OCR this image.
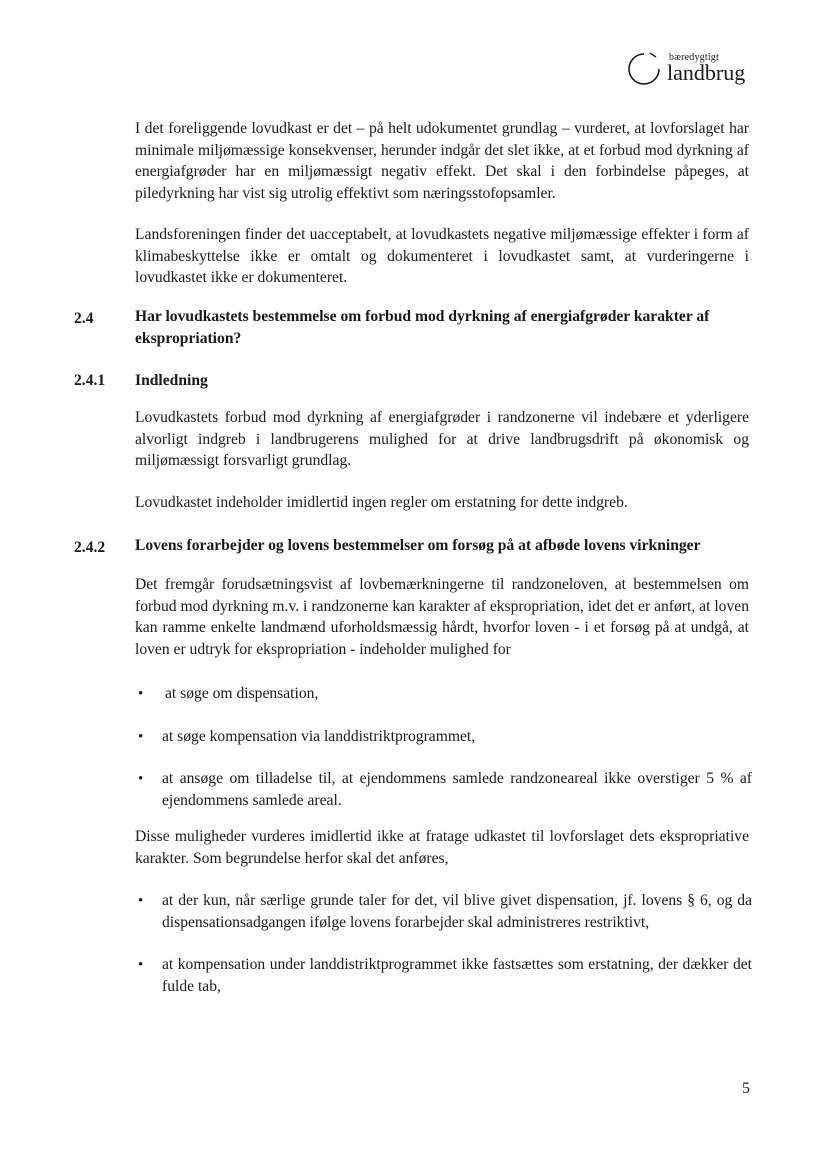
bæredygtigt
landbrug

I det foreliggende lovudkast er det – på helt udokumentet grundlag – vurderet, at lovforslaget har minimale miljømæssige konsekvenser, herunder indgår det slet ikke, at et forbud mod dyrkning af energiafgrøder har en miljømæssigt negativ effekt. Det skal i den forbindelse påpeges, at piledyrkning har vist sig utrolig effektivt som næringsstofopsamler.

Landsforeningen finder det uacceptabelt, at lovudkastets negative miljømæssige effekter i form af klimabeskyttelse ikke er omtalt og dokumenteret i lovudkastet samt, at vurderingerne i lovudkastet ikke er dokumenteret.

2.4	Har lovudkastets bestemmelse om forbud mod dyrkning af energiafgrøder karakter af ekspropriation?

2.4.1 Indledning

Lovudkastets forbud mod dyrkning af energiafgrøder i randzonerne vil indebære et yderligere alvorligt indgreb i landbrugerens mulighed for at drive landbrugsdrift på økonomisk og miljømæssigt forsvarligt grundlag.

Lovudkastet indeholder imidlertid ingen regler om erstatning for dette indgreb.

2.4.2 Lovens forarbejder og lovens bestemmelser om forsøg på at afbøde lovens virkninger

Det fremgår forudsætningsvist af lovbemærkningerne til randzoneloven, at bestemmelsen om forbud mod dyrkning m.v. i randzonerne kan karakter af ekspropriation, idet det er anført, at loven kan ramme enkelte landmænd uforholdsmæssig hårdt, hvorfor loven - i et forsøg på at undgå, at loven er udtryk for ekspropriation - indeholder mulighed for

• at søge om dispensation,

• at søge kompensation via landdistriktprogrammet,

• at ansøge om tilladelse til, at ejendommens samlede randzoneareal ikke overstiger 5 % af ejendommens samlede areal.

Disse muligheder vurderes imidlertid ikke at fratage udkastet til lovforslaget dets ekspropriative karakter. Som begrundelse herfor skal det anføres,

• at der kun, når særlige grunde taler for det, vil blive givet dispensation, jf. lovens § 6, og da dispensationsadgangen ifølge lovens forarbejder skal administreres restriktivt,

• at kompensation under landdistriktprogrammet ikke fastsættes som erstatning, der dækker det fulde tab,

5
